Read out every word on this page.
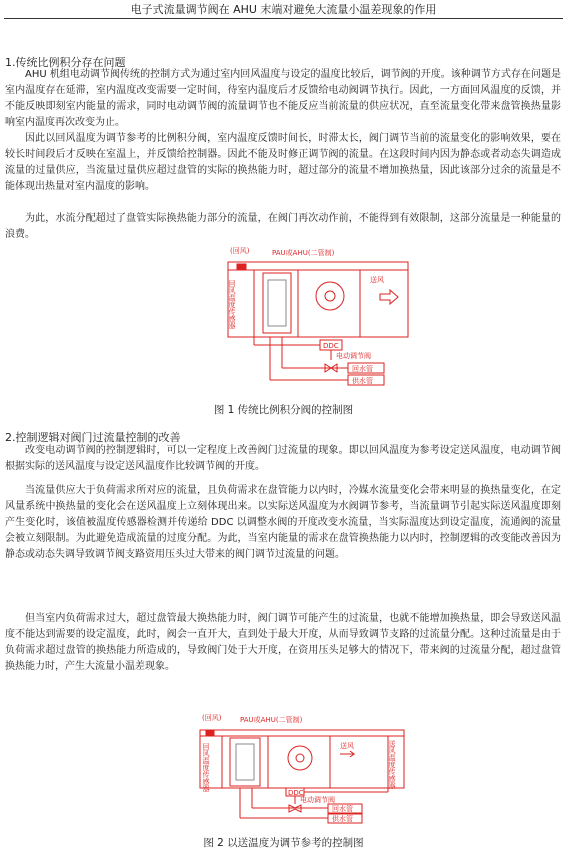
电子式流量调节阀在 AHU 末端对避免大流量小温差现象的作用
1.传统比例积分存在问题
AHU 机组电动调节阀传统的控制方式为通过室内回风温度与设定的温度比较后，调节阀的开度。该种调节方式存在问题是室内温度存在延滞，室内温度改变需要一定时间，待室内温度后才反馈给电动阀调节执行。因此，一方面回风温度的反馈，并不能反映即刻室内能量的需求，同时电动调节阀的流量调节也不能反应当前流量的供应状况，直至流量变化带来盘管换热量影响室内温度再次改变为止。
因此以回风温度为调节参考的比例积分阀，室内温度反馈时间长，时滞太长，阀门调节当前的流量变化的影响效果，要在较长时间段后才反映在室温上，并反馈给控制器。因此不能及时修正调节阀的流量。在这段时间内因为静态或者动态失调造成流量的过量供应，当流量过量供应超过盘管的实际的换热能力时，超过部分的流量不增加换热量，因此该部分过余的流量是不能体现出热量对室内温度的影响。
为此，水流分配超过了盘管实际换热能力部分的流量，在阀门再次动作前，不能得到有效限制，这部分流量是一种能量的浪费。
(回风)	PAU或AHU(二管制)
回风温度传感器	送风
DDC
电动调节阀
回水管
供水管
图 1 传统比例积分阀的控制图
2.控制逻辑对阀门过流量控制的改善
改变电动调节阀的控制逻辑时，可以一定程度上改善阀门过流量的现象。即以回风温度为参考设定送风温度，电动调节阀根据实际的送风温度与设定送风温度作比较调节阀的开度。
当流量供应大于负荷需求所对应的流量，且负荷需求在盘管能力以内时，冷媒水流量变化会带来明显的换热量变化，在定风量系统中换热量的变化会在送风温度上立刻体现出来。以实际送风温度为水阀调节参考，当流量调节引起实际送风温度即刻产生变化时，该值被温度传感器检测并传递给 DDC 以调整水阀的开度改变水流量，当实际温度达到设定温度，流通阀的流量会被立刻限制。为此避免造成流量的过度分配。为此，当室内能量的需求在盘管换热能力以内时，控制逻辑的改变能改善因为静态或动态失调导致调节阀支路资用压头过大带来的阀门调节过流量的问题。
但当室内负荷需求过大，超过盘管最大换热能力时，阀门调节可能产生的过流量，也就不能增加换热量，即会导致送风温度不能达到需要的设定温度，此时，阀会一直开大，直到处于最大开度，从而导致调节支路的过流量分配。这种过流量是由于负荷需求超过盘管的换热能力所造成的，导致阀门处于大开度，在资用压头足够大的情况下，带来阀的过流量分配，超过盘管换热能力时，产生大流量小温差现象。
(回风)	PAU或AHU(二管制)
回风温度传感器	送风	送风温度传感器
DDC
电动调节阀
回水管
供水管
图 2 以送温度为调节参考的控制图
